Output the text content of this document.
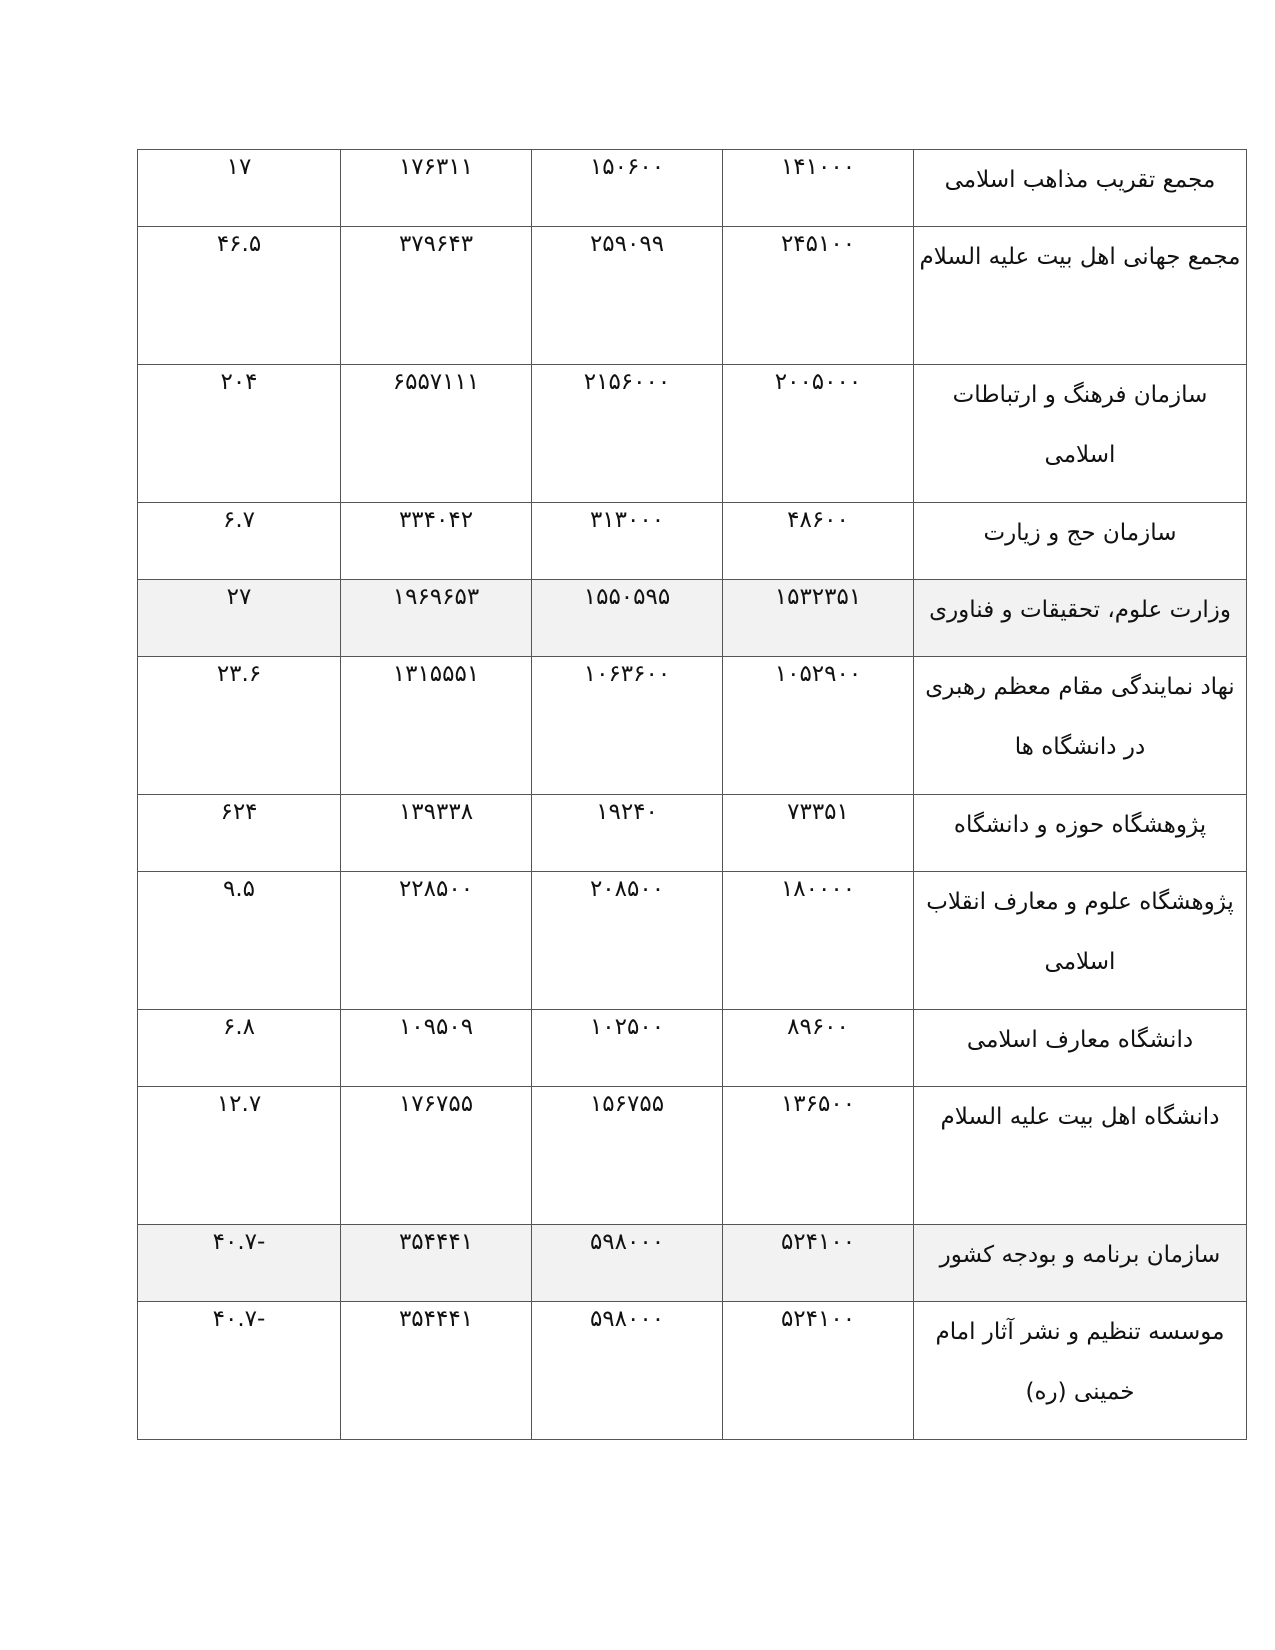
مجمع تقریب مذاهب اسلامی	۱۴۱۰۰۰	۱۵۰۶۰۰	۱۷۶۳۱۱	۱۷
مجمع جهانی اهل بیت علیه السلام	۲۴۵۱۰۰	۲۵۹۰۹۹	۳۷۹۶۴۳	۴۶.۵
سازمان فرهنگ و ارتباطات اسلامی	۲۰۰۵۰۰۰	۲۱۵۶۰۰۰	۶۵۵۷۱۱۱	۲۰۴
سازمان حج و زیارت	۴۸۶۰۰	۳۱۳۰۰۰	۳۳۴۰۴۲	۶.۷
وزارت علوم، تحقیقات و فناوری	۱۵۳۲۳۵۱	۱۵۵۰۵۹۵	۱۹۶۹۶۵۳	۲۷
نهاد نمایندگی مقام معظم رهبری در دانشگاه ها	۱۰۵۲۹۰۰	۱۰۶۳۶۰۰	۱۳۱۵۵۵۱	۲۳.۶
پژوهشگاه حوزه و دانشگاه	۷۳۳۵۱	۱۹۲۴۰	۱۳۹۳۳۸	۶۲۴
پژوهشگاه علوم و معارف انقلاب اسلامی	۱۸۰۰۰۰	۲۰۸۵۰۰	۲۲۸۵۰۰	۹.۵
دانشگاه معارف اسلامی	۸۹۶۰۰	۱۰۲۵۰۰	۱۰۹۵۰۹	۶.۸
دانشگاه اهل بیت علیه السلام	۱۳۶۵۰۰	۱۵۶۷۵۵	۱۷۶۷۵۵	۱۲.۷
سازمان برنامه و بودجه کشور	۵۲۴۱۰۰	۵۹۸۰۰۰	۳۵۴۴۴۱	-۴۰.۷
موسسه تنظیم و نشر آثار امام خمینی (ره)	۵۲۴۱۰۰	۵۹۸۰۰۰	۳۵۴۴۴۱	-۴۰.۷
